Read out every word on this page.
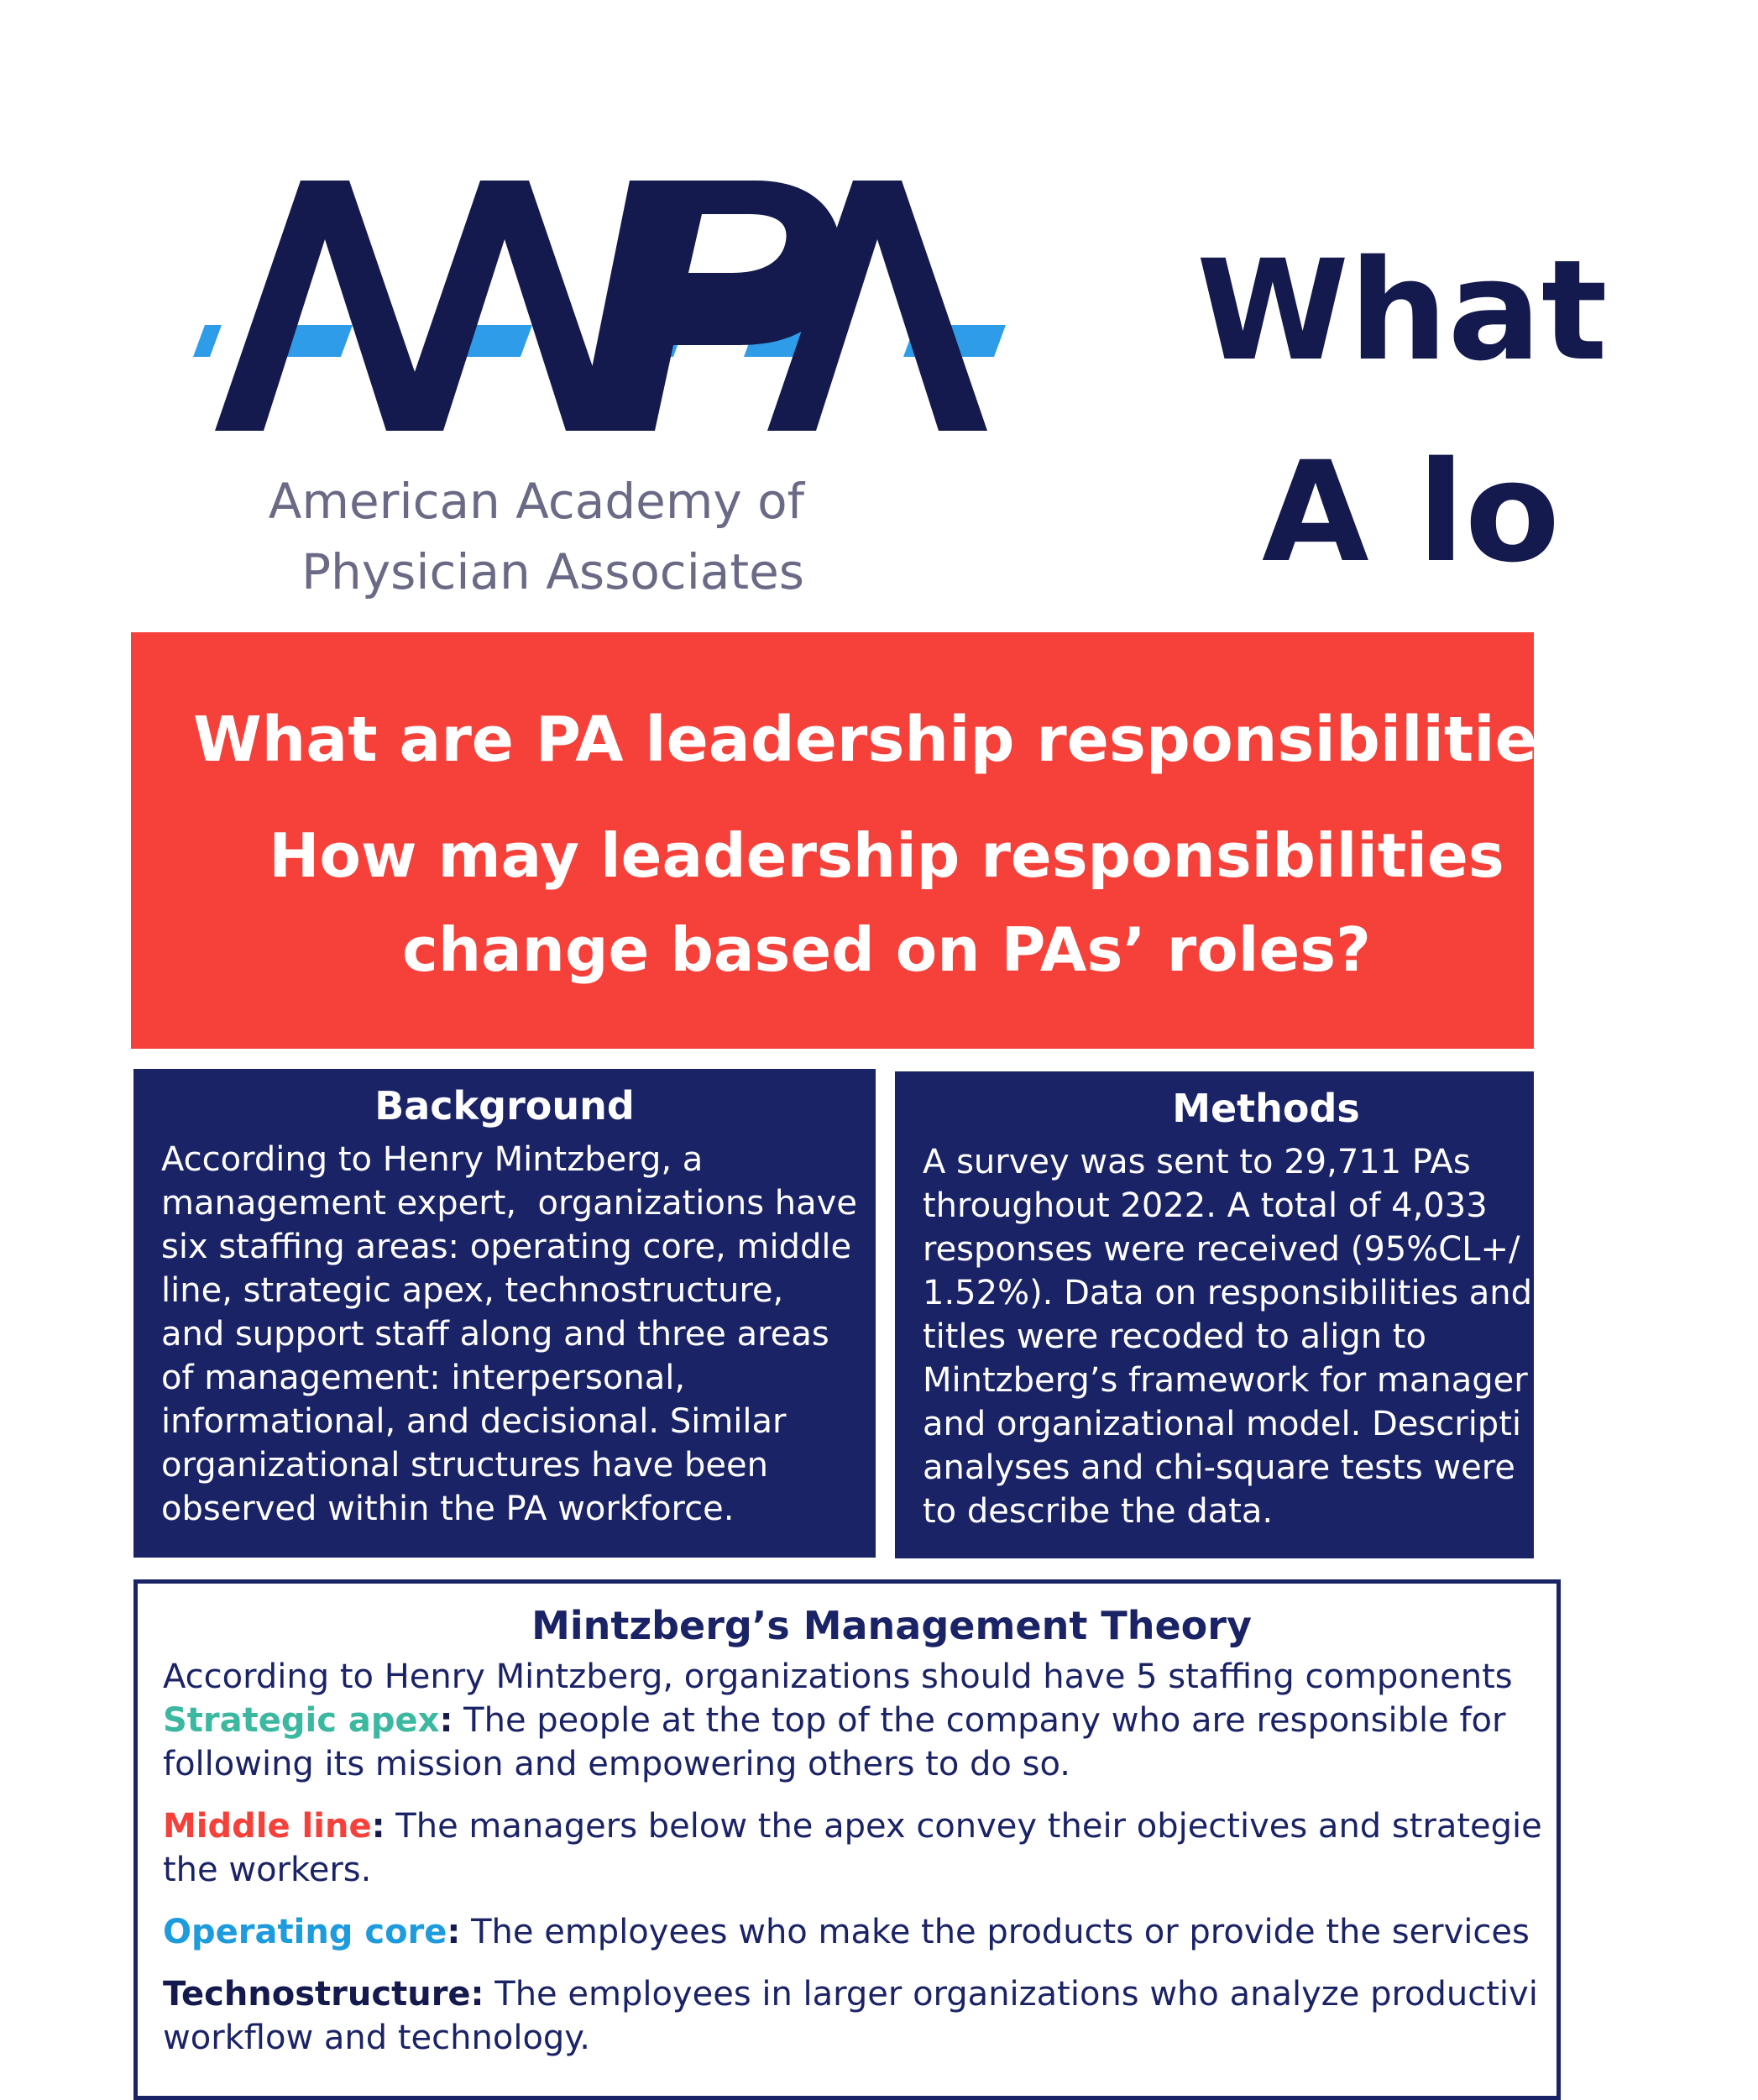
American Academy of
Physician Associates
What
A lo
What are PA leadership responsibilities
How may leadership responsibilities
change based on PAs’ roles?
Background

According to Henry Mintzberg, a
management expert,  organizations have
six staffing areas: operating core, middle
line, strategic apex, technostructure,
and support staff along and three areas
of management: interpersonal,
informational, and decisional. Similar
organizational structures have been
observed within the PA workforce.

Methods

A survey was sent to 29,711 PAs
throughout 2022. A total of 4,033
responses were received (95%CL+/
1.52%). Data on responsibilities and
titles were recoded to align to
Mintzberg’s framework for manager
and organizational model. Descripti
analyses and chi-square tests were
to describe the data.

Mintzberg’s Management Theory

According to Henry Mintzberg, organizations should have 5 staffing components

Strategic apex: The people at the top of the company who are responsible for
following its mission and empowering others to do so.

Middle line: The managers below the apex convey their objectives and strategie
the workers.

Operating core: The employees who make the products or provide the services

Technostructure: The employees in larger organizations who analyze productivi
workflow and technology.
